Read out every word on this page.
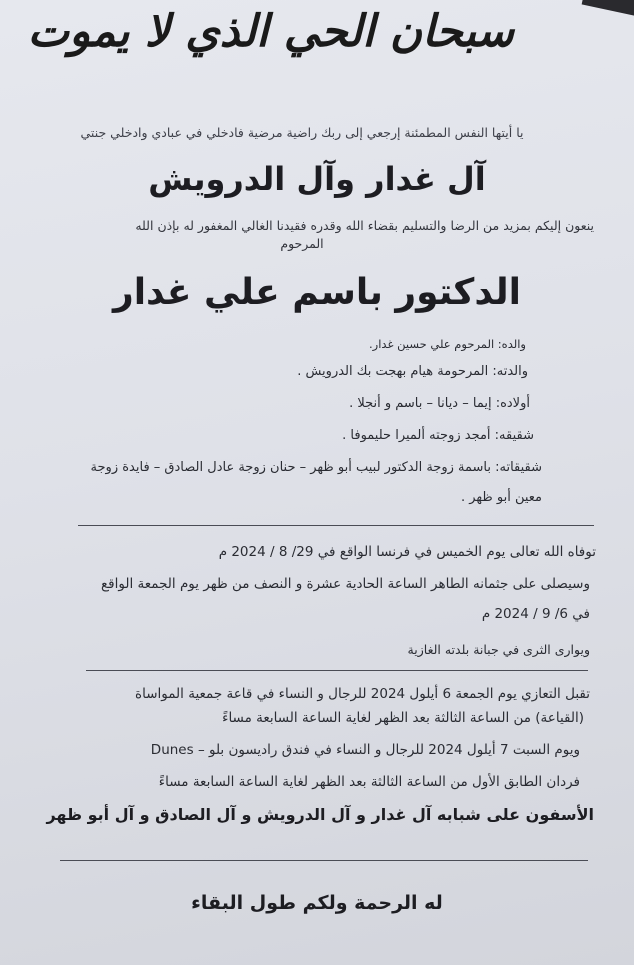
سبحان الحي الذي لا يموت
يا أيتها النفس المطمئنة إرجعي إلى ربك راضية مرضية فادخلي في عبادي وادخلي جنتي
آل غدار وآل الدرويش
ينعون إليكم بمزيد من الرضا والتسليم بقضاء الله وقدره فقيدنا الغالي المغفور له بإذن الله
المرحوم
الدكتور باسم علي غدار
والده: المرحوم علي حسين غدار.
والدته: المرحومة هيام بهجت بك الدرويش .
أولاده: إيما – ديانا – باسم و أنجلا .
شقيقه: أمجد زوجته ألميرا حليموفا .
شقيقاته: باسمة زوجة الدكتور لبيب أبو ظهر – حنان زوجة عادل الصادق – فايدة زوجة
معين أبو ظهر .
توفاه الله تعالى يوم الخميس في فرنسا الواقع في 29/ 8 / 2024 م
وسيصلى على جثمانه الطاهر الساعة الحادية عشرة و النصف من ظهر يوم الجمعة الواقع
في 6/ 9 / 2024 م
ويوارى الثرى في جبانة بلدته الغازية
تقبل التعازي يوم الجمعة 6 أيلول 2024 للرجال و النساء في قاعة جمعية المواساة
(القياعة) من الساعة الثالثة بعد الظهر لغاية الساعة السابعة مساءً
ويوم السبت 7 أيلول 2024 للرجال و النساء في فندق راديسون بلو – Dunes
فردان الطابق الأول من الساعة الثالثة بعد الظهر لغاية الساعة السابعة مساءً
الأسفون على شبابه آل غدار و آل الدرويش و آل الصادق و آل أبو ظهر
له الرحمة ولكم طول البقاء
